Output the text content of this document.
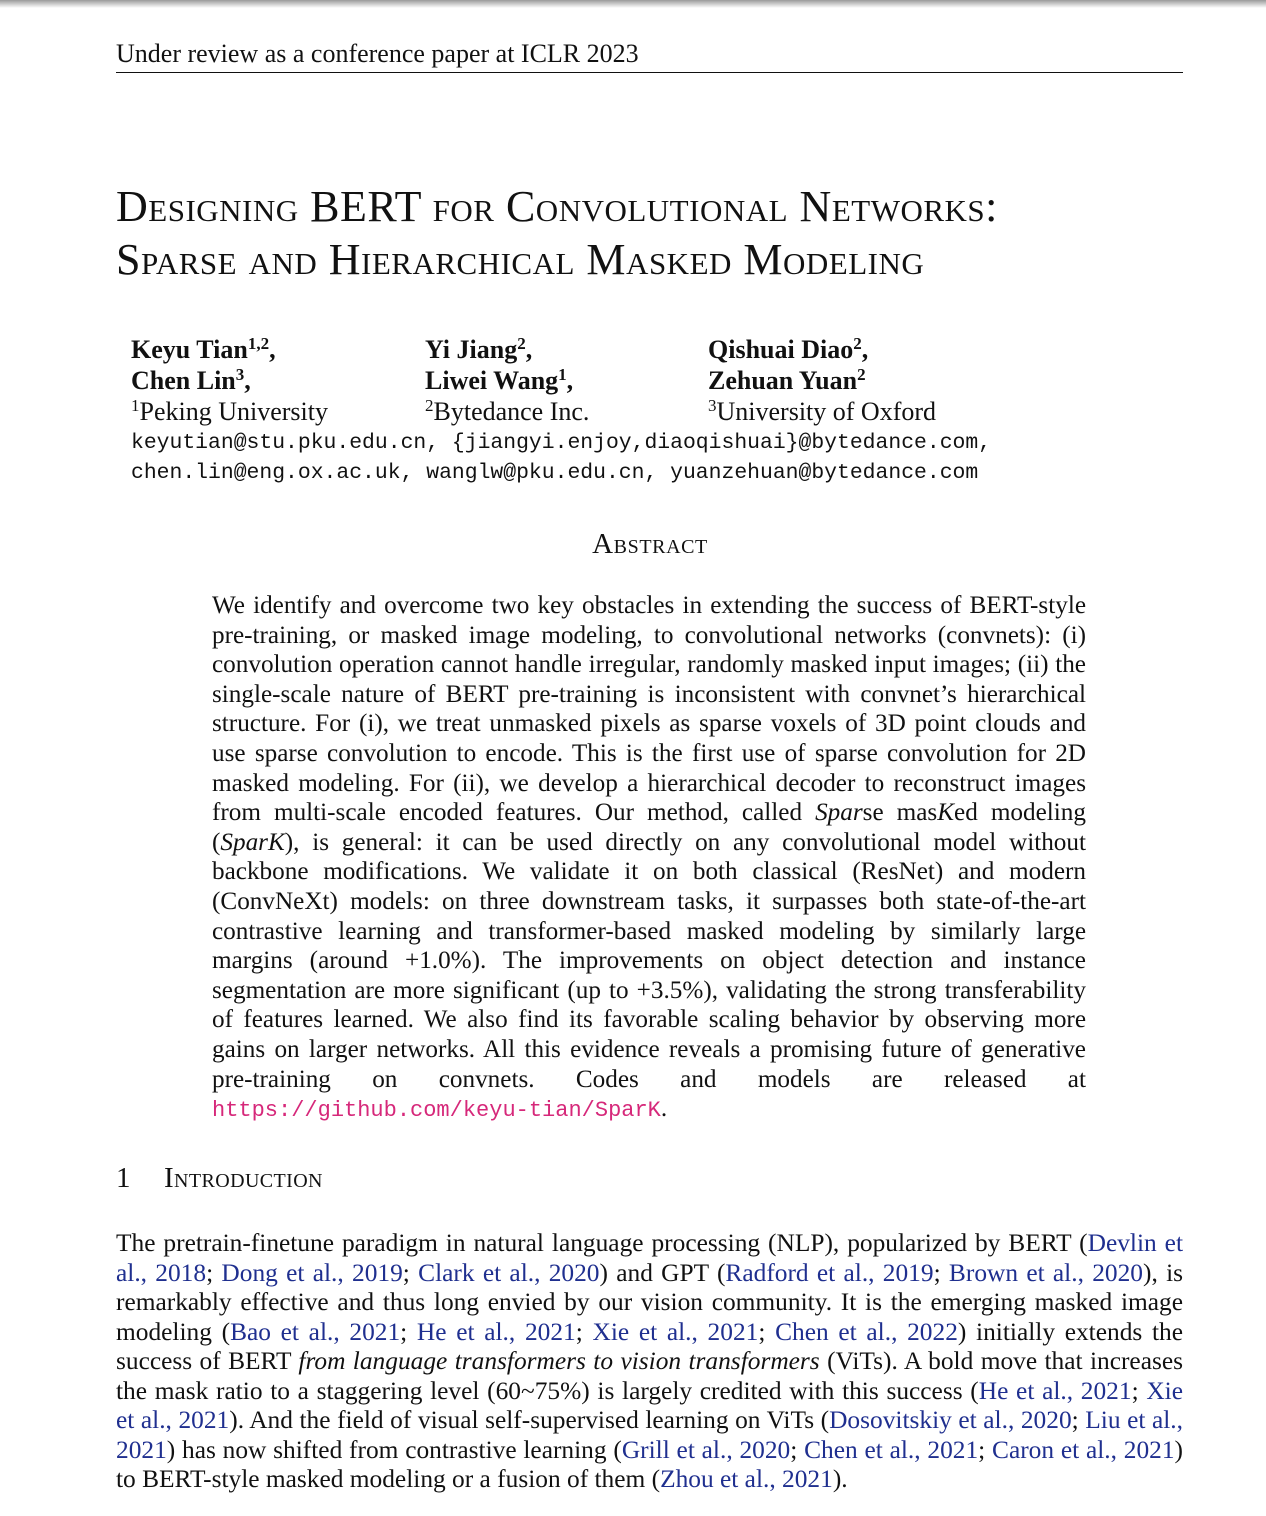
Under review as a conference paper at ICLR 2023
Designing BERT for Convolutional Networks:
Sparse and Hierarchical Masked Modeling
Keyu Tian$^{1,2}$,
Chen Lin$^3$,
$^1$Peking University
Yi Jiang$^2$,
Liwei Wang$^1$,
$^2$Bytedance Inc.
Qishuai Diao$^2$,
Zehuan Yuan$^2$
$^3$University of Oxford
keyutian@stu.pku.edu.cn, {jiangyi.enjoy,diaoqishuai}@bytedance.com,
chen.lin@eng.ox.ac.uk, wanglw@pku.edu.cn, yuanzehuan@bytedance.com
Abstract

We identify and overcome two key obstacles in extending the success of BERT-style pre-training, or masked image modeling, to convolutional networks (convnets): (i) convolution operation cannot handle irregular, randomly masked input images; (ii) the single-scale nature of BERT pre-training is inconsistent with convnet’s hierarchical structure. For (i), we treat unmasked pixels as sparse voxels of 3D point clouds and use sparse convolution to encode. This is the first use of sparse convolution for 2D masked modeling. For (ii), we develop a hierarchical decoder to reconstruct images from multi-scale encoded features. Our method, called Sparse masKed modeling (SparK), is general: it can be used directly on any convolutional model without backbone modifications. We validate it on both classical (ResNet) and modern (ConvNeXt) models: on three downstream tasks, it surpasses both state-of-the-art contrastive learning and transformer-based masked modeling by similarly large margins (around +1.0%). The improvements on object detection and instance segmentation are more significant (up to +3.5%), validating the strong transferability of features learned. We also find its favorable scaling behavior by observing more gains on larger networks. All this evidence reveals a promising future of generative pre-training on convnets. Codes and models are released at https://github.com/keyu-tian/SparK.

1 Introduction

The pretrain-finetune paradigm in natural language processing (NLP), popularized by BERT (Devlin et al., 2018; Dong et al., 2019; Clark et al., 2020) and GPT (Radford et al., 2019; Brown et al., 2020), is remarkably effective and thus long envied by our vision community. It is the emerging masked image modeling (Bao et al., 2021; He et al., 2021; Xie et al., 2021; Chen et al., 2022) initially extends the success of BERT from language transformers to vision transformers (ViTs). A bold move that increases the mask ratio to a staggering level (60~75%) is largely credited with this success (He et al., 2021; Xie et al., 2021). And the field of visual self-supervised learning on ViTs (Dosovitskiy et al., 2020; Liu et al., 2021) has now shifted from contrastive learning (Grill et al., 2020; Chen et al., 2021; Caron et al., 2021) to BERT-style masked modeling or a fusion of them (Zhou et al., 2021).
